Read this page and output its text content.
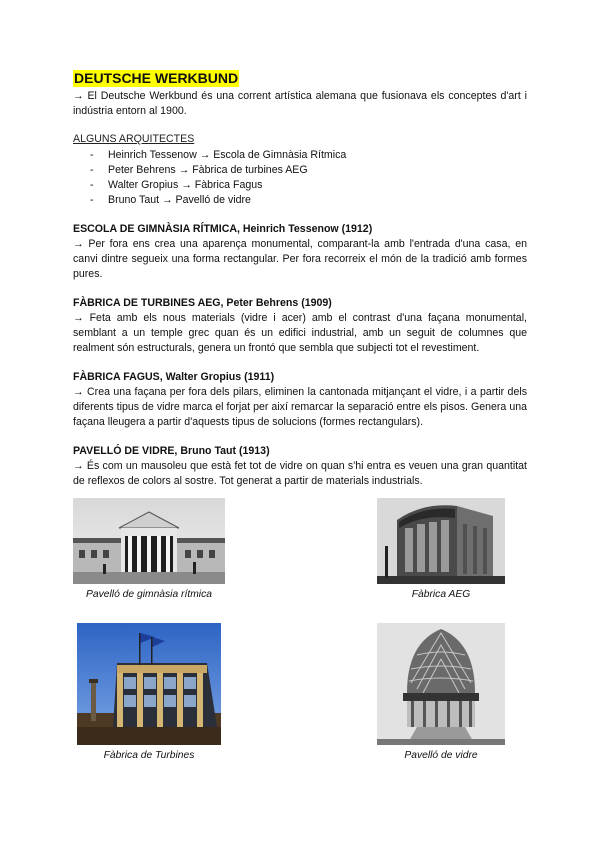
DEUTSCHE WERKBUND

→ El Deutsche Werkbund és una corrent artística alemana que fusionava els conceptes d'art i indústria entorn al 1900.

ALGUNS ARQUITECTES
- Heinrich Tessenow → Escola de Gimnàsia Rítmica
- Peter Behrens → Fàbrica de turbines AEG
- Walter Gropius → Fàbrica Fagus
- Bruno Taut → Pavelló de vidre
ESCOLA DE GIMNÀSIA RÍTMICA, Heinrich Tessenow (1912)

→ Per fora ens crea una aparença monumental, comparant-la amb l'entrada d'una casa, en canvi dintre segueix una forma rectangular. Per fora recorreix el món de la tradició amb formes pures.

FÀBRICA DE TURBINES AEG, Peter Behrens (1909)

→ Feta amb els nous materials (vidre i acer) amb el contrast d'una façana monumental, semblant a un temple grec quan és un edifici industrial, amb un seguit de columnes que realment són estructurals, genera un frontó que sembla que subjecti tot el revestiment.

FÀBRICA FAGUS, Walter Gropius (1911)

→ Crea una façana per fora dels pilars, eliminen la cantonada mitjançant el vidre, i a partir dels diferents tipus de vidre marca el forjat per així remarcar la separació entre els pisos. Genera una façana lleugera a partir d'aquests tipus de solucions (formes rectangulars).

PAVELLÓ DE VIDRE, Bruno Taut (1913)

→ És com un mausoleu que està fet tot de vidre on quan s'hi entra es veuen una gran quantitat de reflexos de colors al sostre. Tot generat a partir de materials industrials.

Pavelló de gimnàsia rítmica	Fàbrica AEG
Fàbrica de Turbines	Pavelló de vidre
